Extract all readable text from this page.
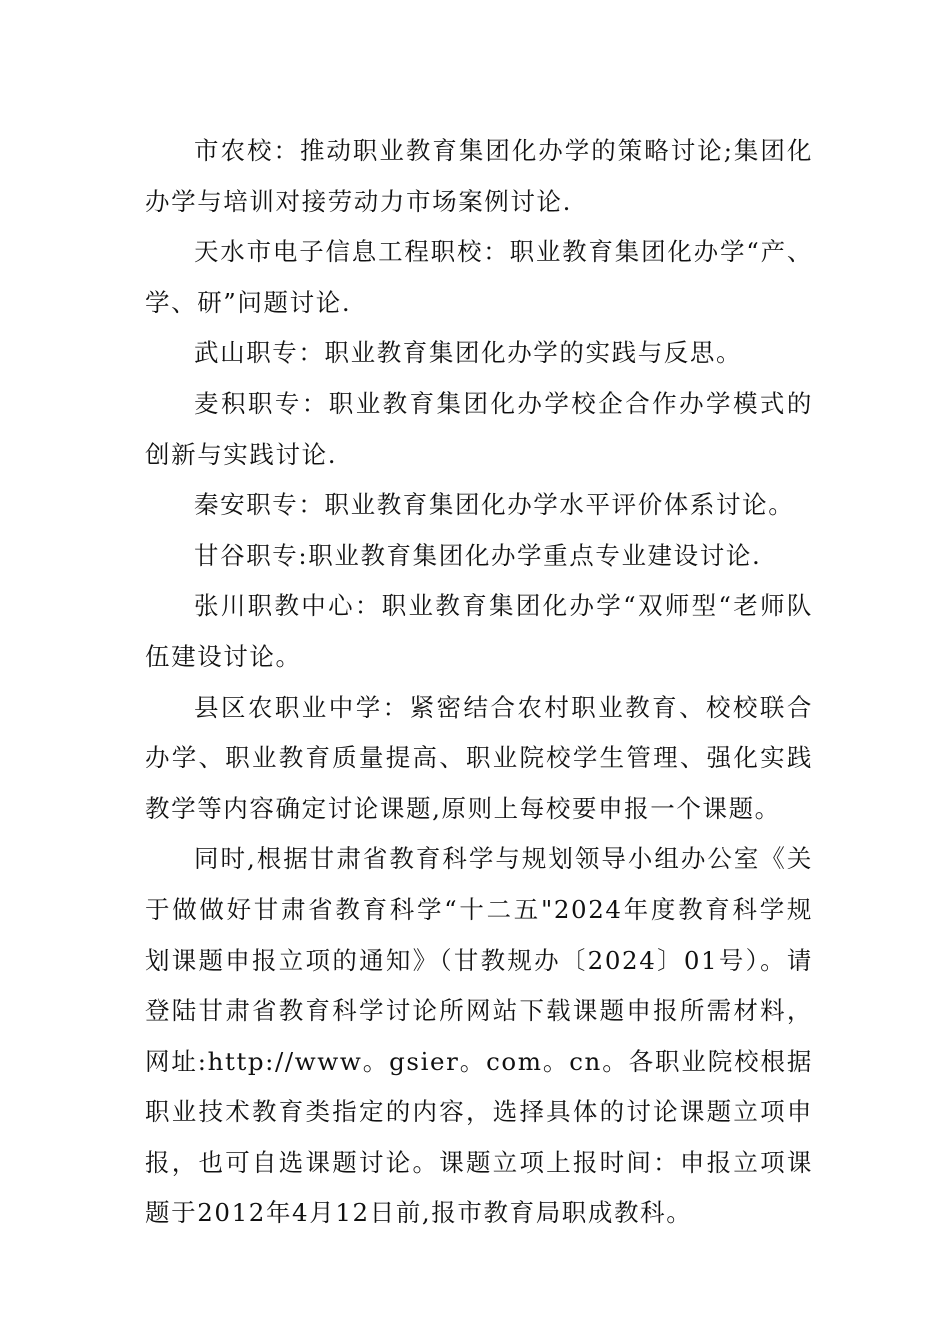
市农校：推动职业教育集团化办学的策略讨论;集团化办学与培训对接劳动力市场案例讨论.

天水市电子信息工程职校：职业教育集团化办学“产、学、研”问题讨论.

武山职专：职业教育集团化办学的实践与反思。

麦积职专：职业教育集团化办学校企合作办学模式的创新与实践讨论.

秦安职专：职业教育集团化办学水平评价体系讨论。

甘谷职专:职业教育集团化办学重点专业建设讨论.

张川职教中心：职业教育集团化办学“双师型“老师队伍建设讨论。

县区农职业中学：紧密结合农村职业教育、校校联合办学、职业教育质量提高、职业院校学生管理、强化实践教学等内容确定讨论课题,原则上每校要申报一个课题。

同时,根据甘肃省教育科学与规划领导小组办公室《关于做做好甘肃省教育科学“十二五"2024年度教育科学规划课题申报立项的通知》（甘教规办〔2024〕01号）。请登陆甘肃省教育科学讨论所网站下载课题申报所需材料，网址:http://www。gsier。com。cn。各职业院校根据职业技术教育类指定的内容，选择具体的讨论课题立项申报，也可自选课题讨论。课题立项上报时间：申报立项课题于2012年4月12日前,报市教育局职成教科。
